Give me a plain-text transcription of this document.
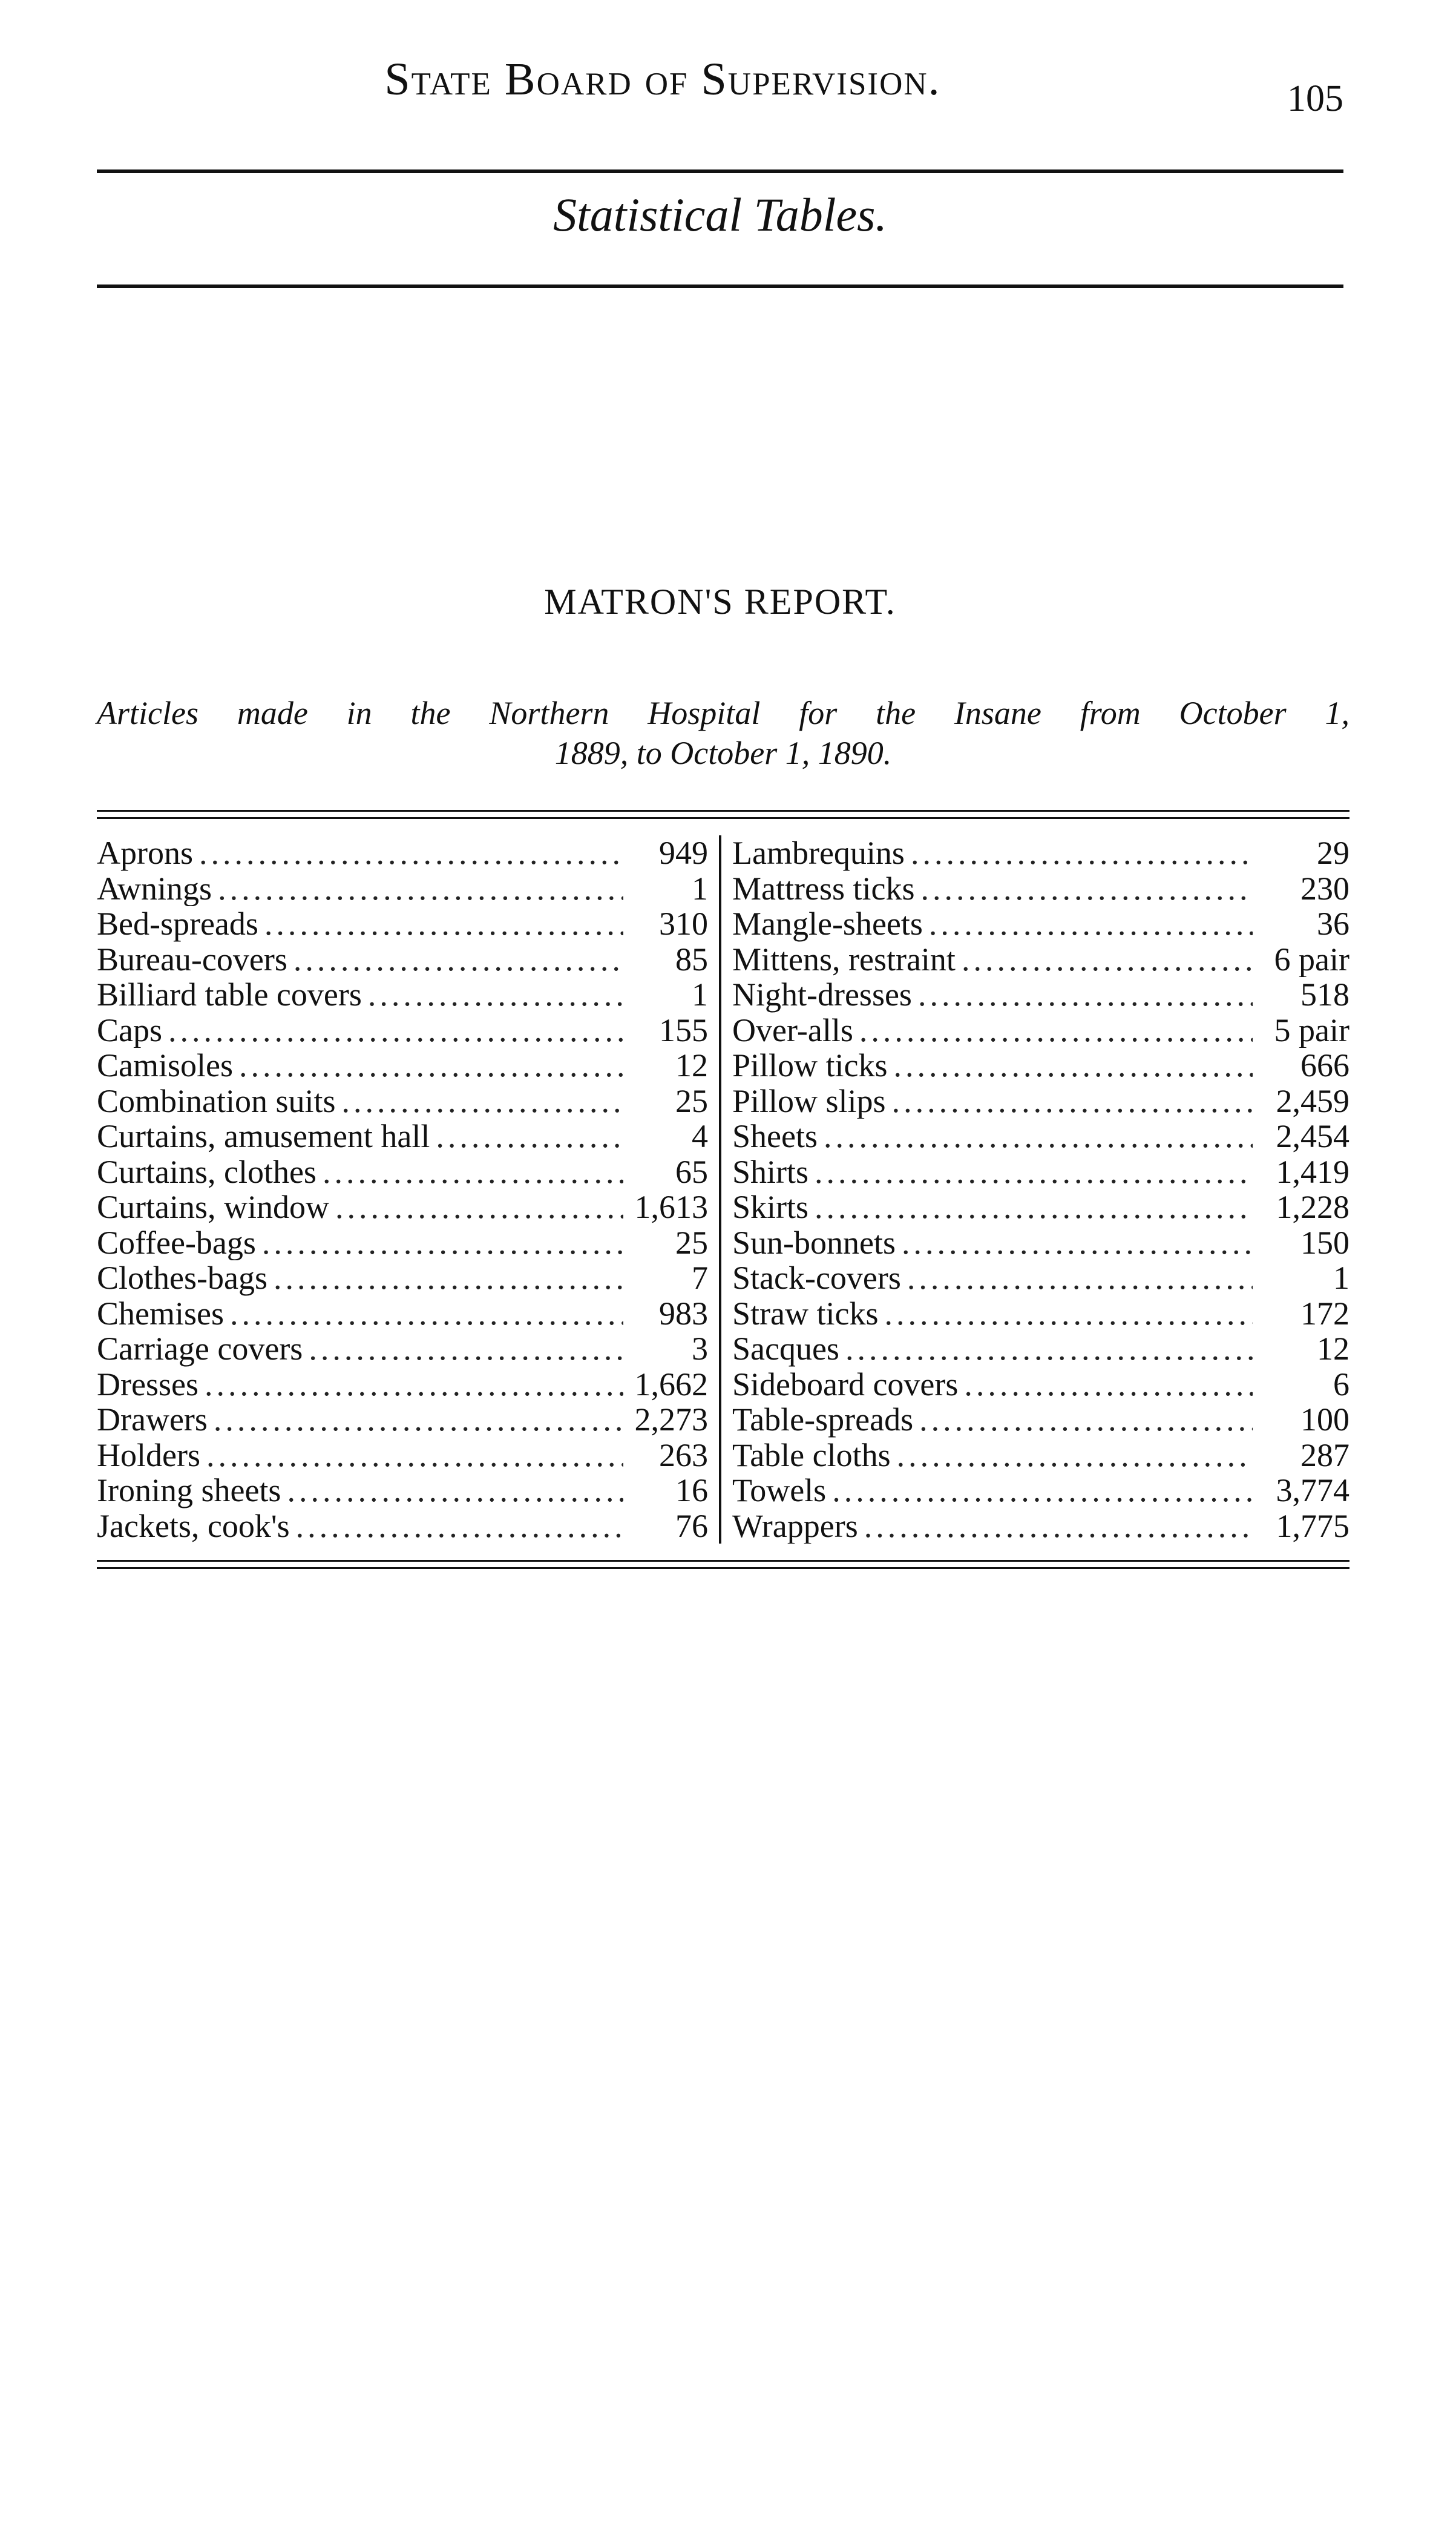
State Board of Supervision.	105
Statistical Tables.
MATRON'S REPORT.
Articles made in the Northern Hospital for the Insane from October 1,
1889, to October 1, 1890.
Aprons .....	949
Awnings .....	1
Bed-spreads .....	310
Bureau-covers .....	85
Billiard table covers .....	1
Caps .....	155
Camisoles .....	12
Combination suits .....	25
Curtains, amusement hall .....	4
Curtains, clothes .....	65
Curtains, window .....	1,613
Coffee-bags .....	25
Clothes-bags .....	7
Chemises .....	983
Carriage covers .....	3
Dresses .....	1,662
Drawers .....	2,273
Holders .....	263
Ironing sheets .....	16
Jackets, cook's .....	76
Lambrequins .....	29
Mattress ticks .....	230
Mangle-sheets .....	36
Mittens, restraint .....	6 pair
Night-dresses .....	518
Over-alls .....	5 pair
Pillow ticks .....	666
Pillow slips .....	2,459
Sheets .....	2,454
Shirts .....	1,419
Skirts .....	1,228
Sun-bonnets .....	150
Stack-covers .....	1
Straw ticks .....	172
Sacques .....	12
Sideboard covers .....	6
Table-spreads .....	100
Table cloths .....	287
Towels .....	3,774
Wrappers .....	1,775
